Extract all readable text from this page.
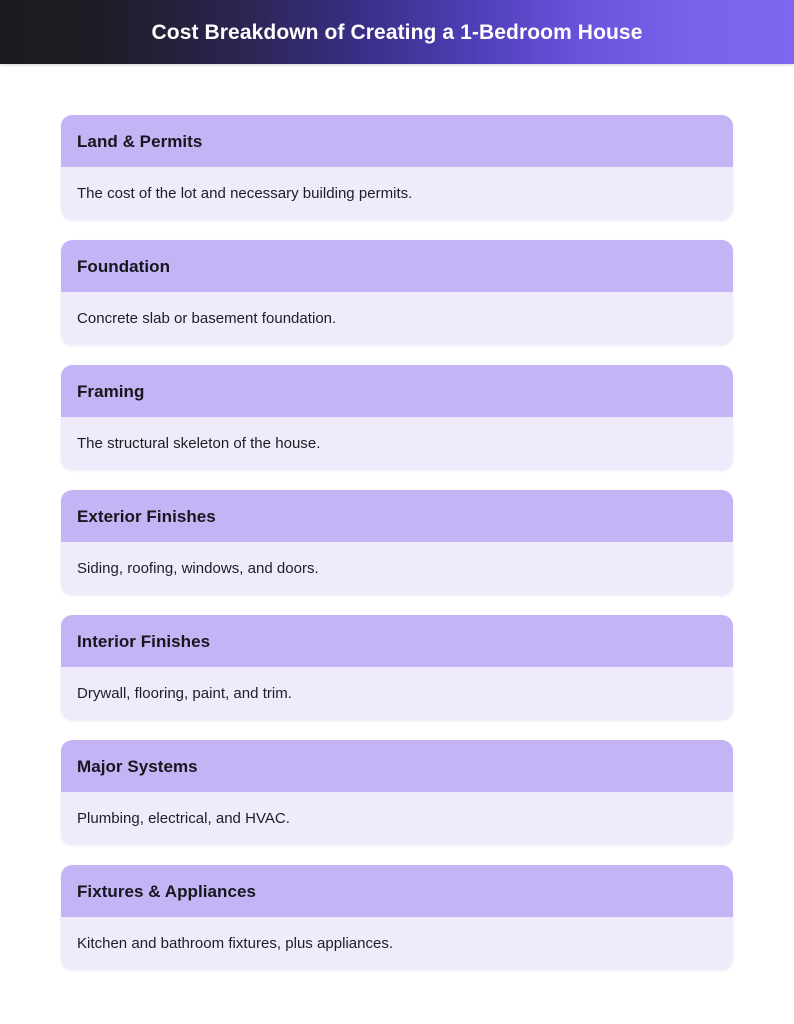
Cost Breakdown of Creating a 1-Bedroom House
Land & Permits
The cost of the lot and necessary building permits.
Foundation
Concrete slab or basement foundation.
Framing
The structural skeleton of the house.
Exterior Finishes
Siding, roofing, windows, and doors.
Interior Finishes
Drywall, flooring, paint, and trim.
Major Systems
Plumbing, electrical, and HVAC.
Fixtures & Appliances
Kitchen and bathroom fixtures, plus appliances.
